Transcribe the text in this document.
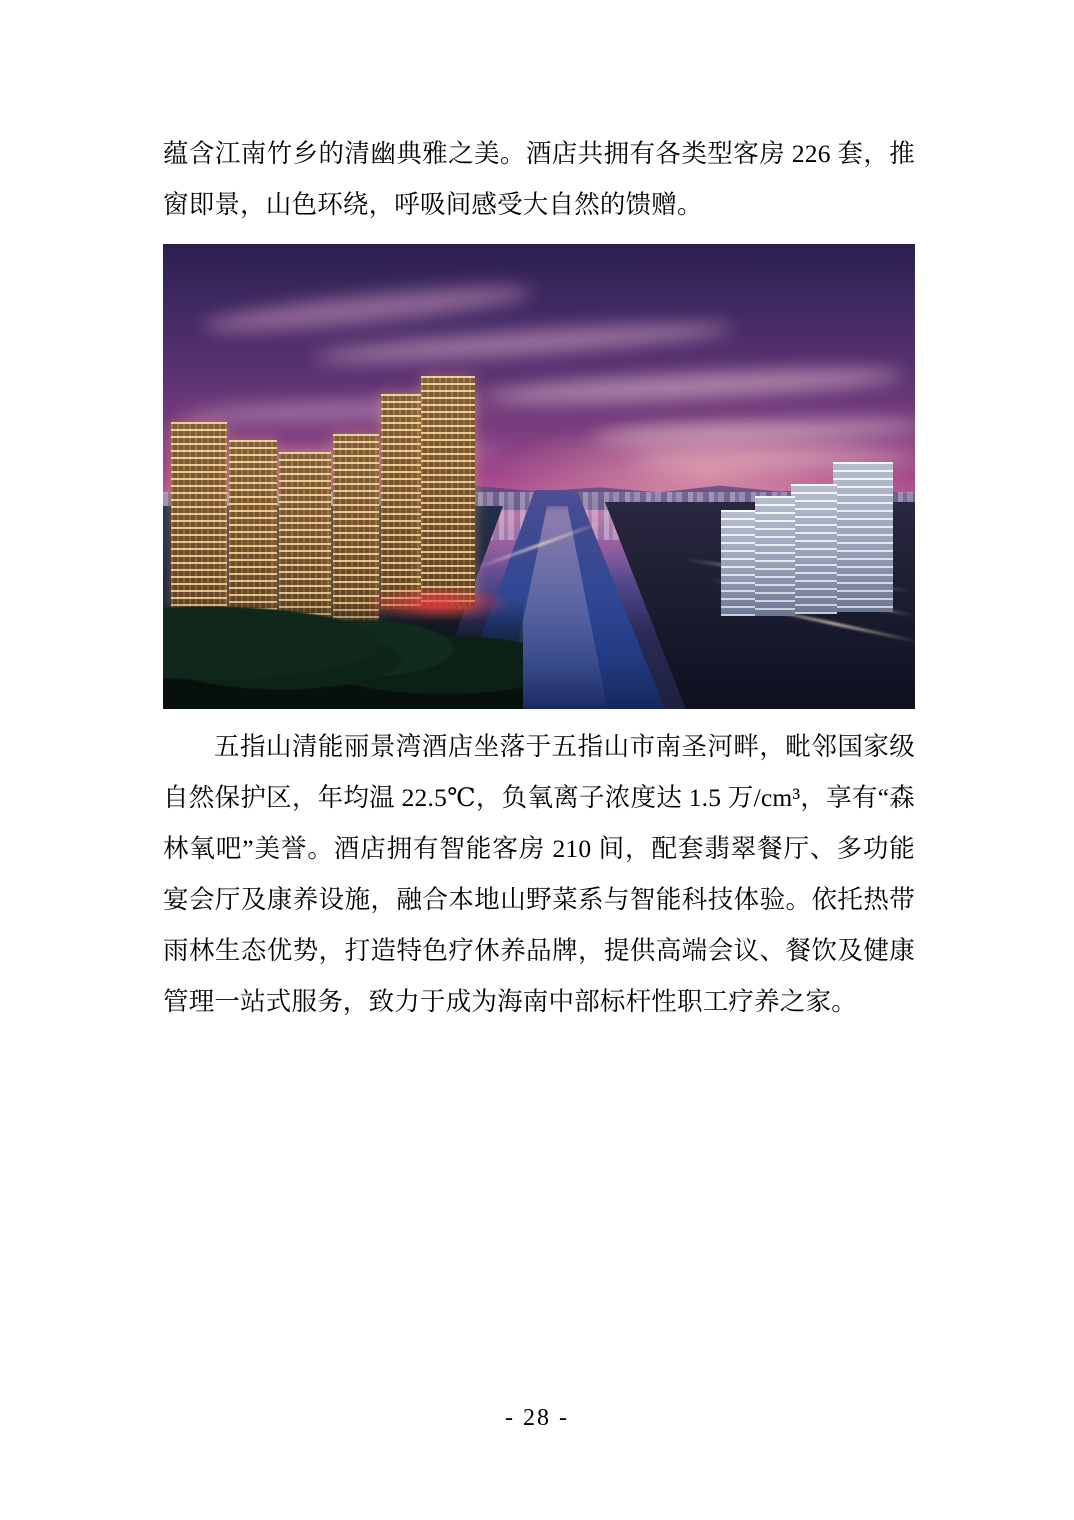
蕴含江南竹乡的清幽典雅之美。酒店共拥有各类型客房 226 套，推窗即景，山色环绕，呼吸间感受大自然的馈赠。

五指山清能丽景湾酒店坐落于五指山市南圣河畔，毗邻国家级自然保护区，年均温 22.5℃，负氧离子浓度达 1.5 万/cm³，享有“森林氧吧”美誉。酒店拥有智能客房 210 间，配套翡翠餐厅、多功能宴会厅及康养设施，融合本地山野菜系与智能科技体验。依托热带雨林生态优势，打造特色疗休养品牌，提供高端会议、餐饮及健康管理一站式服务，致力于成为海南中部标杆性职工疗养之家。

- 28 -
